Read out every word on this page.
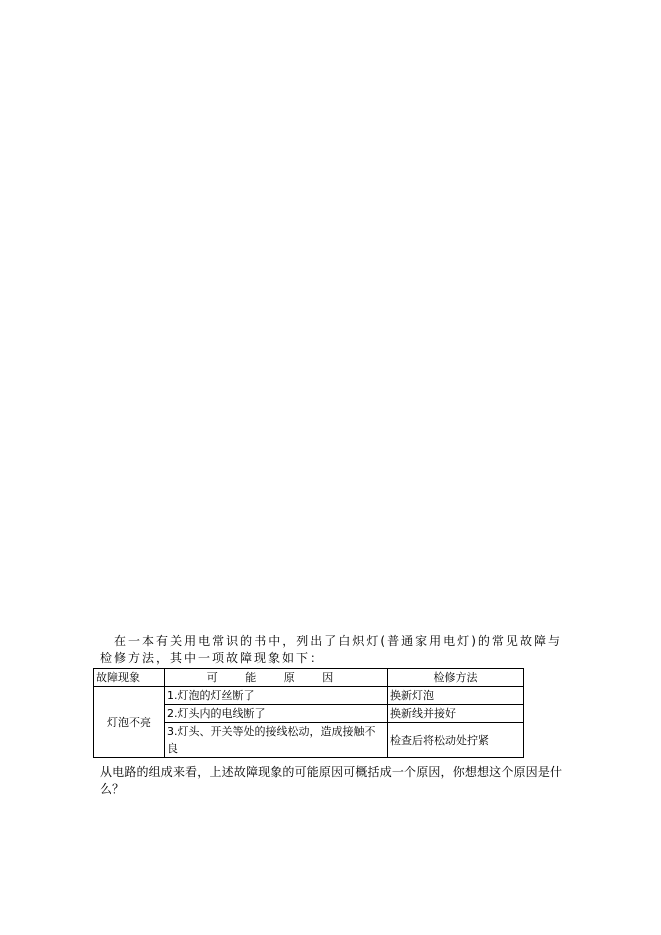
在一本有关用电常识的书中，列出了白炽灯(普通家用电灯)的常见故障与检修方法，其中一项故障现象如下：

故障现象	可 能 原 因	检修方法
灯泡不亮	1.灯泡的灯丝断了	换新灯泡
	2.灯头内的电线断了	换新线并接好
	3.灯头、开关等处的接线松动，造成接触不良	检查后将松动处拧紧

从电路的组成来看，上述故障现象的可能原因可概括成一个原因，你想想这个原因是什么？
